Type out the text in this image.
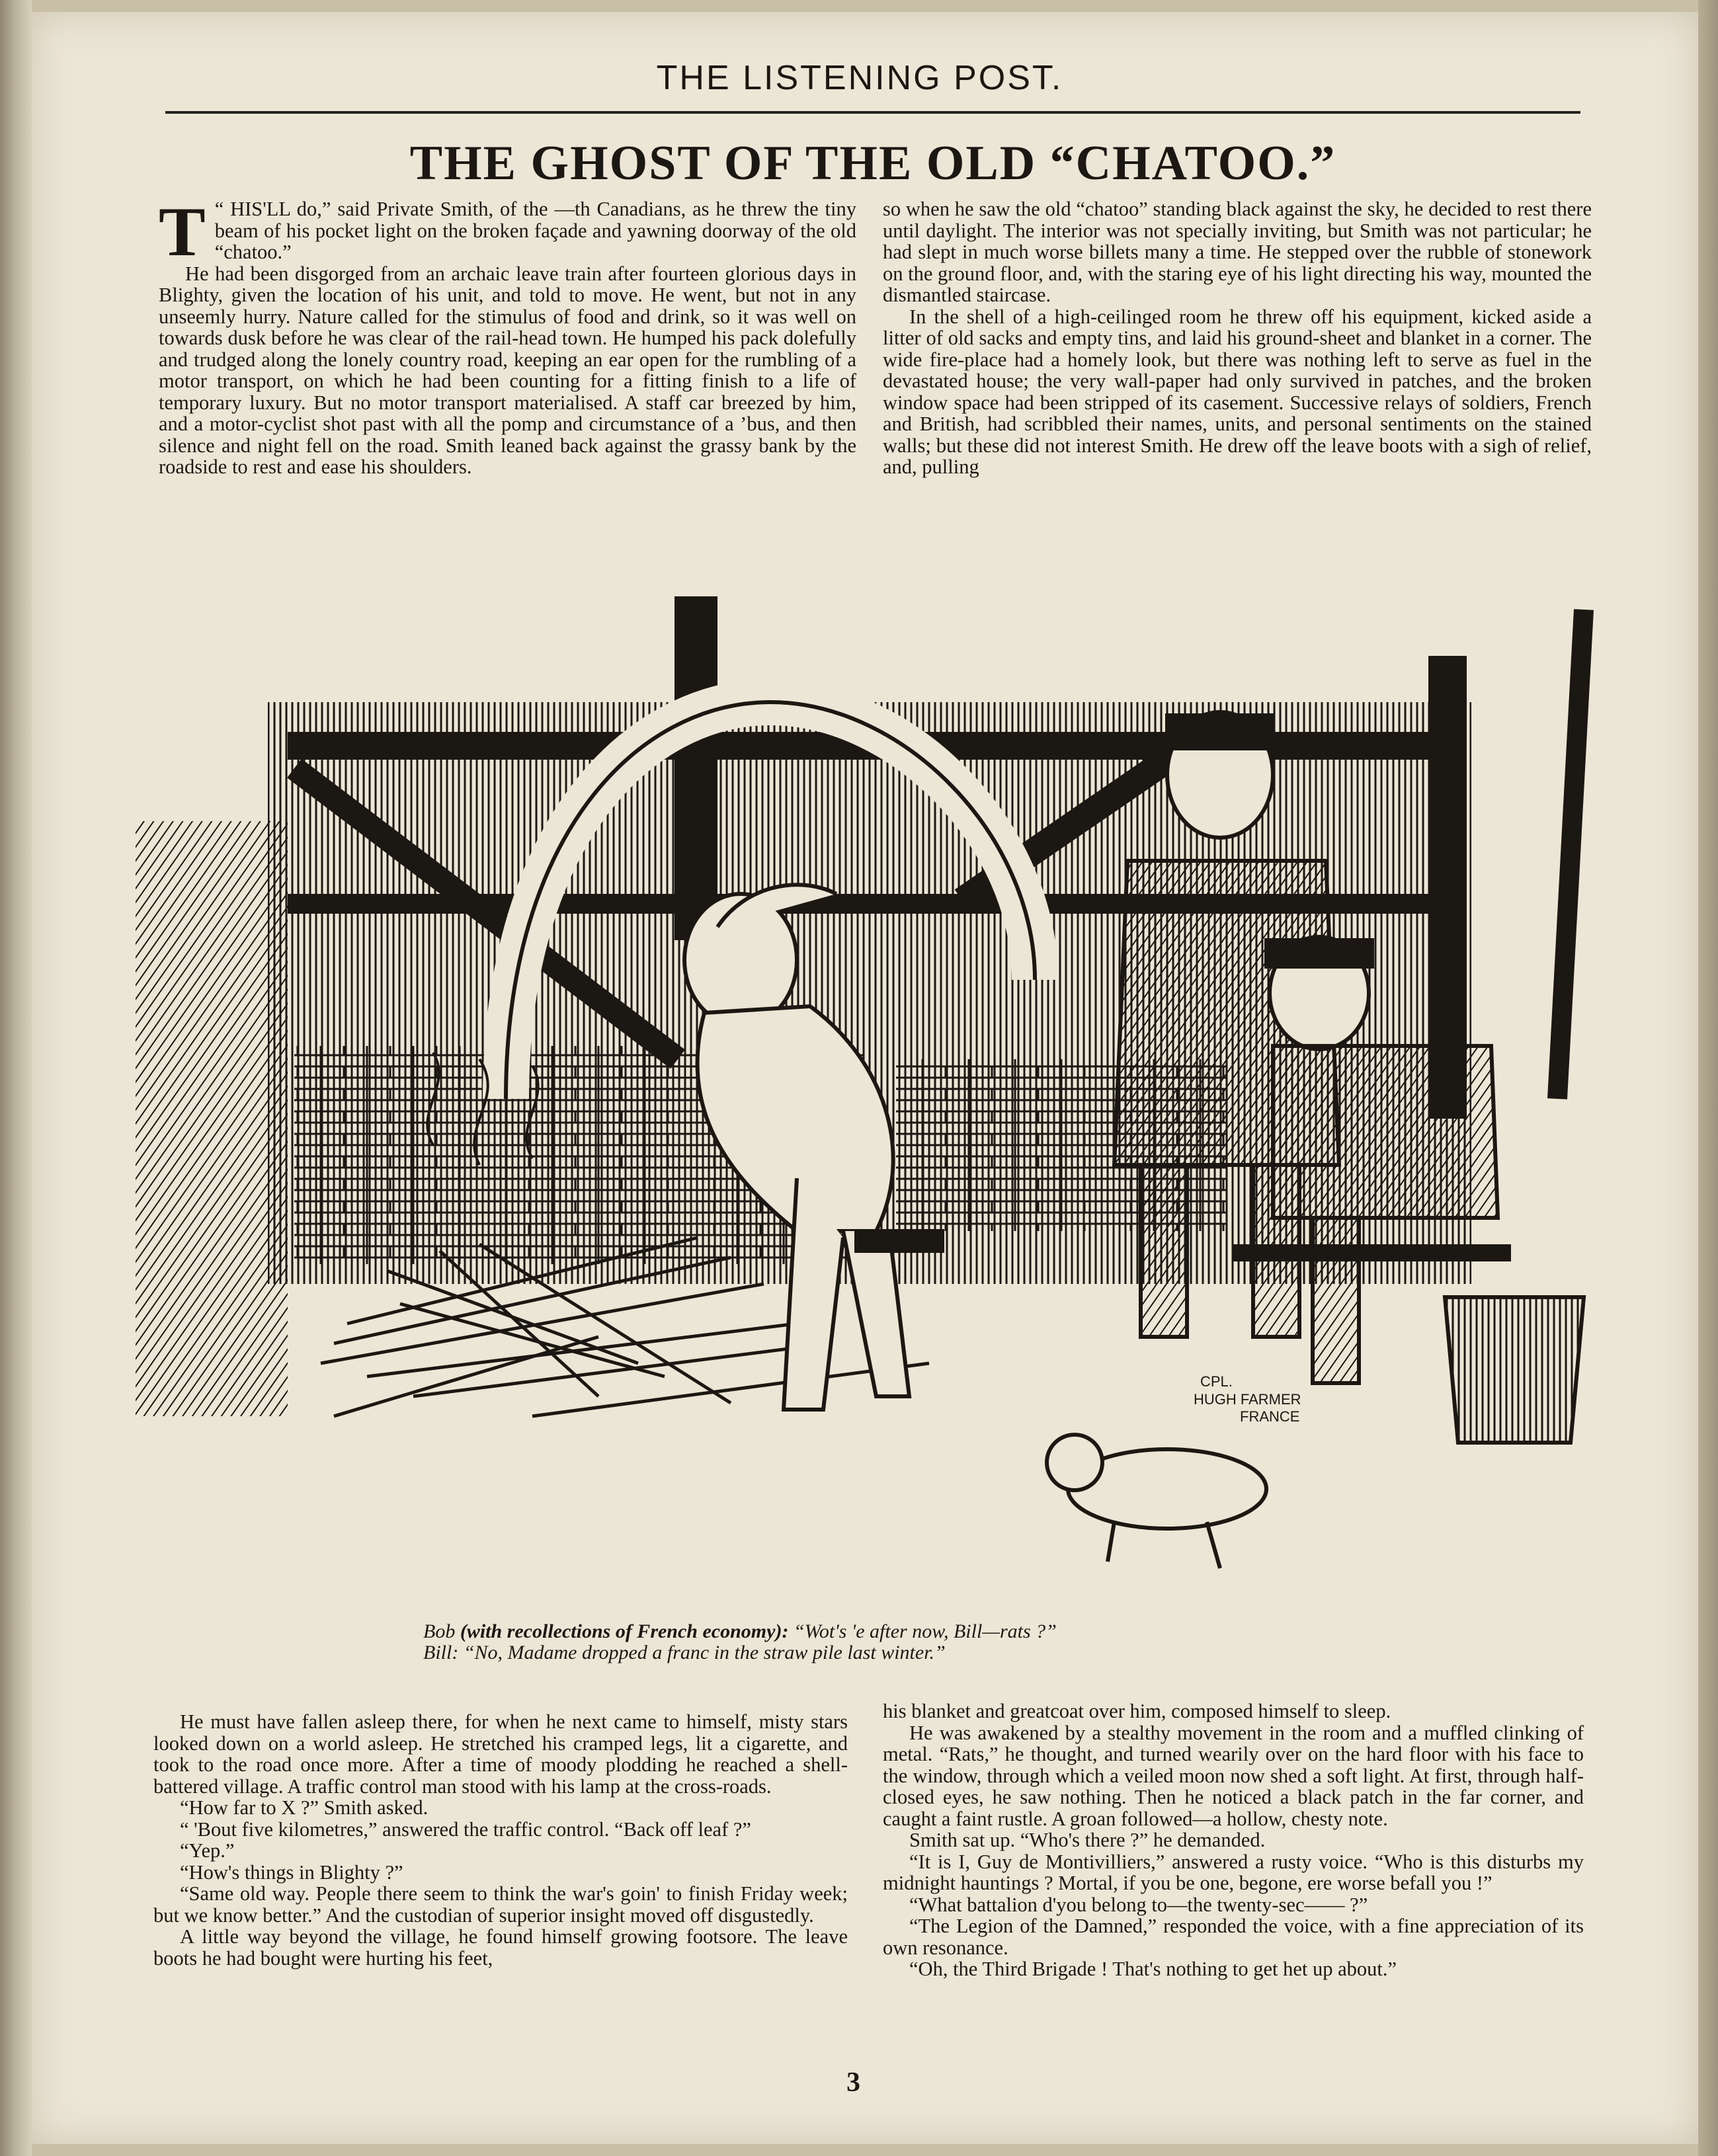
THE LISTENING POST.
THE GHOST OF THE OLD “CHATOO.”

T “ HIS'LL do,” said Private Smith, of the —th Canadians, as he threw the tiny beam of his pocket light on the broken façade and yawning doorway of the old “chatoo.”

He had been disgorged from an archaic leave train after fourteen glorious days in Blighty, given the location of his unit, and told to move. He went, but not in any unseemly hurry. Nature called for the stimulus of food and drink, so it was well on towards dusk before he was clear of the rail-head town. He humped his pack dolefully and trudged along the lonely country road, keeping an ear open for the rumbling of a motor transport, on which he had been counting for a fitting finish to a life of temporary luxury. But no motor transport materialised. A staff car breezed by him, and a motor-cyclist shot past with all the pomp and circumstance of a ’bus, and then silence and night fell on the road. Smith leaned back against the grassy bank by the roadside to rest and ease his shoulders.

so when he saw the old “chatoo” standing black against the sky, he decided to rest there until daylight. The interior was not specially inviting, but Smith was not particular; he had slept in much worse billets many a time. He stepped over the rubble of stonework on the ground floor, and, with the staring eye of his light directing his way, mounted the dismantled staircase.

In the shell of a high-ceilinged room he threw off his equipment, kicked aside a litter of old sacks and empty tins, and laid his ground-sheet and blanket in a corner. The wide fire-place had a homely look, but there was nothing left to serve as fuel in the devastated house; the very wall-paper had only survived in patches, and the broken window space had been stripped of its casement. Successive relays of soldiers, French and British, had scribbled their names, units, and personal sentiments on the stained walls; but these did not interest Smith. He drew off the leave boots with a sigh of relief, and, pulling

CPL.
HUGH FARMER
FRANCE
Bob (with recollections of French economy): “Wot's 'e after now, Bill—rats ?”
Bill: “No, Madame dropped a franc in the straw pile last winter.”

He must have fallen asleep there, for when he next came to himself, misty stars looked down on a world asleep. He stretched his cramped legs, lit a cigarette, and took to the road once more. After a time of moody plodding he reached a shell-battered village. A traffic control man stood with his lamp at the cross-roads.

“How far to X ?” Smith asked.

“ 'Bout five kilometres,” answered the traffic control. “Back off leaf ?”

“Yep.”

“How's things in Blighty ?”

“Same old way. People there seem to think the war's goin' to finish Friday week; but we know better.” And the custodian of superior insight moved off disgustedly.

A little way beyond the village, he found himself growing footsore. The leave boots he had bought were hurting his feet,

his blanket and greatcoat over him, composed himself to sleep.

He was awakened by a stealthy movement in the room and a muffled clinking of metal. “Rats,” he thought, and turned wearily over on the hard floor with his face to the window, through which a veiled moon now shed a soft light. At first, through half-closed eyes, he saw nothing. Then he noticed a black patch in the far corner, and caught a faint rustle. A groan followed—a hollow, chesty note.

Smith sat up. “Who's there ?” he demanded.

“It is I, Guy de Montivilliers,” answered a rusty voice. “Who is this disturbs my midnight hauntings ? Mortal, if you be one, begone, ere worse befall you !”

“What battalion d'you belong to—the twenty-sec—— ?”

“The Legion of the Damned,” responded the voice, with a fine appreciation of its own resonance.

“Oh, the Third Brigade ! That's nothing to get het up about.”

3
